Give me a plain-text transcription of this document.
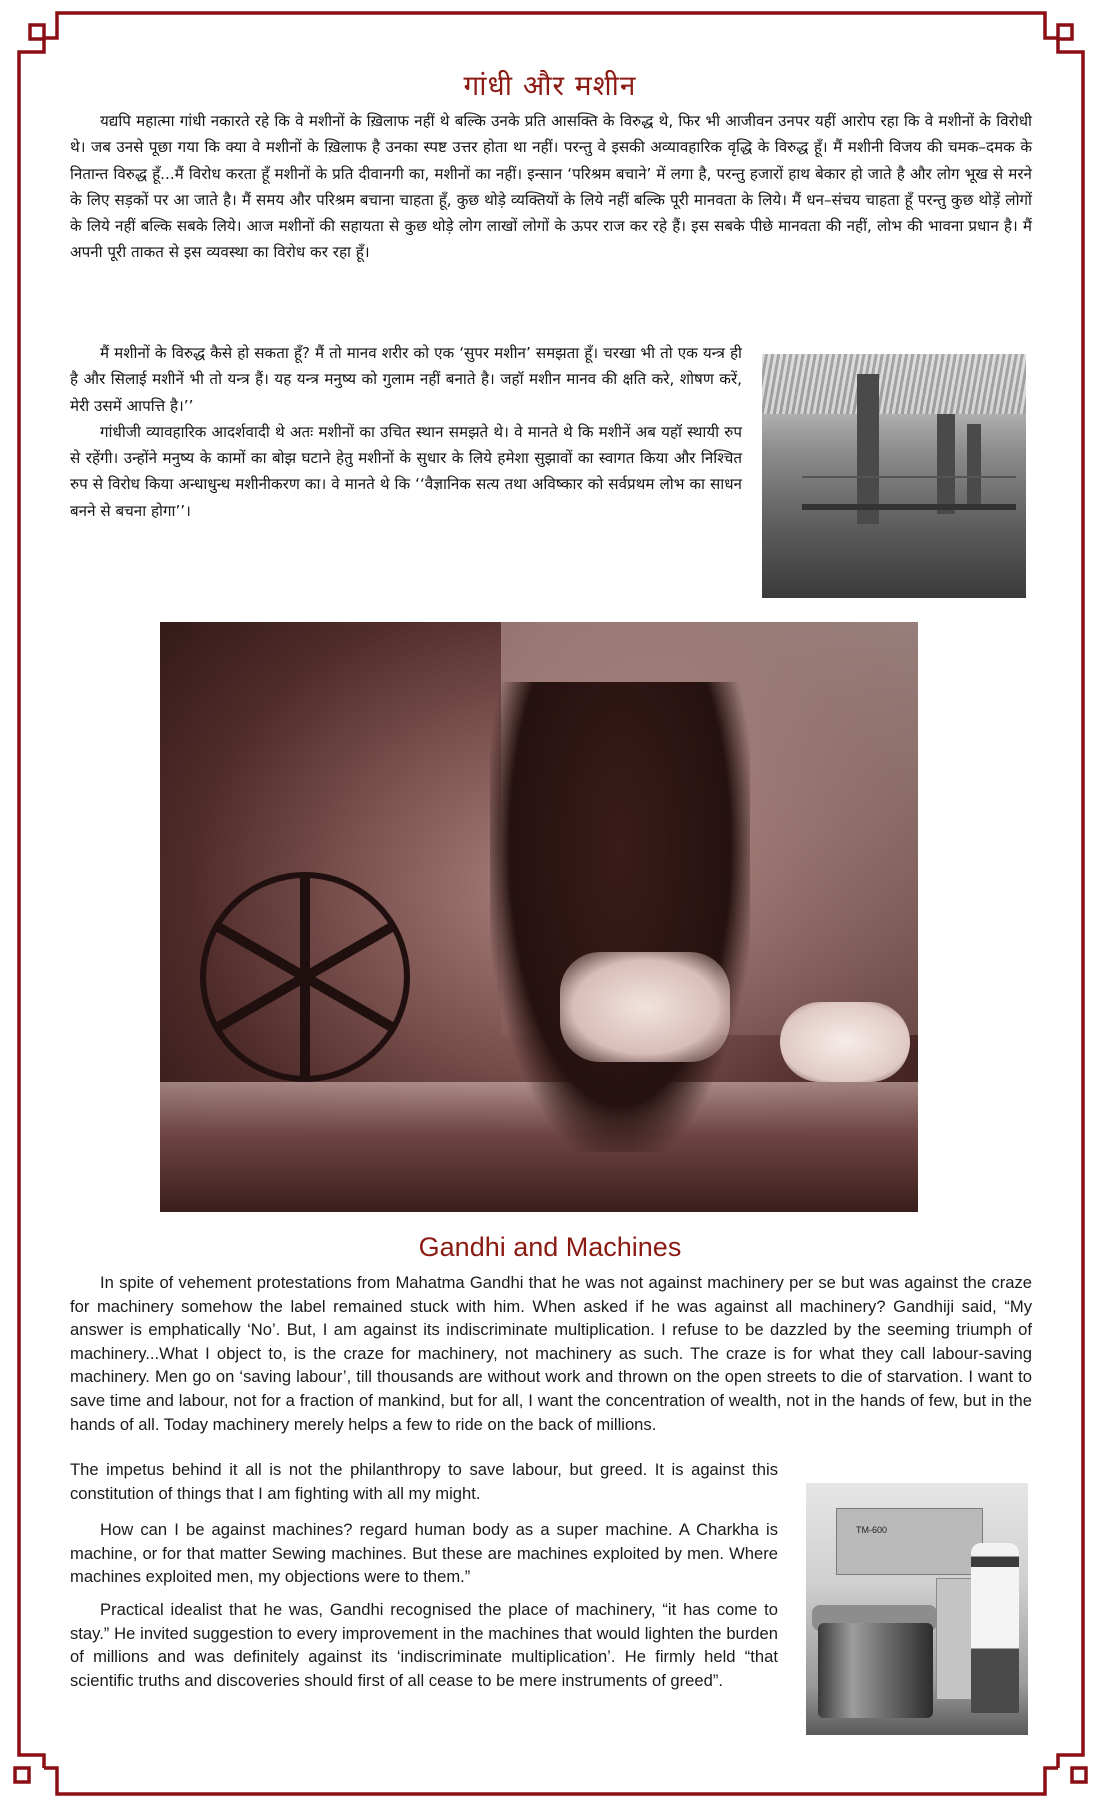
गांधी और मशीन

यद्यपि महात्मा गांधी नकारते रहे कि वे मशीनों के ख़िलाफ नहीं थे बल्कि उनके प्रति आसक्ति के विरुद्ध थे, फिर भी आजीवन उनपर यहीं आरोप रहा कि वे मशीनों के विरोधी थे। जब उनसे पूछा गया कि क्या वे मशीनों के ख़िलाफ है उनका स्पष्ट उत्तर होता था नहीं। परन्तु वे इसकी अव्यावहारिक वृद्धि के विरुद्ध हूँ। मैं मशीनी विजय की चमक–दमक के नितान्त विरुद्ध हूँ...मैं विरोध करता हूँ मशीनों के प्रति दीवानगी का, मशीनों का नहीं। इन्सान ‘परिश्रम बचाने’ में लगा है, परन्तु हजारों हाथ बेकार हो जाते है और लोग भूख से मरने के लिए सड़कों पर आ जाते है। मैं समय और परिश्रम बचाना चाहता हूँ, कुछ थोड़े व्यक्तियों के लिये नहीं बल्कि पूरी मानवता के लिये। मैं धन–संचय चाहता हूँ परन्तु कुछ थोड़ें लोगों के लिये नहीं बल्कि सबके लिये। आज मशीनों की सहायता से कुछ थोड़े लोग लाखों लोगों के ऊपर राज कर रहे हैं। इस सबके पीछे मानवता की नहीं, लोभ की भावना प्रधान है। मैं अपनी पूरी ताकत से इस व्यवस्था का विरोध कर रहा हूँ।

मैं मशीनों के विरुद्ध कैसे हो सकता हूँ? मैं तो मानव शरीर को एक ‘सुपर मशीन’ समझता हूँ। चरखा भी तो एक यन्त्र ही है और सिलाई मशीनें भी तो यन्त्र हैं। यह यन्त्र मनुष्य को गुलाम नहीं बनाते है। जहॉ मशीन मानव की क्षति करे, शोषण करें, मेरी उसमें आपत्ति है।’’

गांधीजी व्यावहारिक आदर्शवादी थे अतः मशीनों का उचित स्थान समझते थे। वे मानते थे कि मशीनें अब यहॉ स्थायी रुप से रहेंगी। उन्होंने मनुष्य के कामों का बोझ घटाने हेतु मशीनों के सुधार के लिये हमेशा सुझावों का स्वागत किया और निश्चित रुप से विरोध किया अन्धाधुन्ध मशीनीकरण का। वे मानते थे कि ‘‘वैज्ञानिक सत्य तथा अविष्कार को सर्वप्रथम लोभ का साधन बनने से बचना होगा’’।

Gandhi and Machines

In spite of vehement protestations from Mahatma Gandhi that he was not against machinery per se but was against the craze for machinery somehow the label remained stuck with him. When asked if he was against all machinery? Gandhiji said, “My answer is emphatically ‘No’. But, I am against its indiscriminate multiplication. I refuse to be dazzled by the seeming triumph of machinery...What I object to, is the craze for machinery, not machinery as such. The craze is for what they call labour-saving machinery. Men go on ‘saving labour’, till thousands are without work and thrown on the open streets to die of starvation. I want to save time and labour, not for a fraction of mankind, but for all, I want the concentration of wealth, not in the hands of few, but in the hands of all. Today machinery merely helps a few to ride on the back of millions.

The impetus behind it all is not the philanthropy to save labour, but greed. It is against this constitution of things that I am fighting with all my might.

How can I be against machines? regard human body as a super machine. A Charkha is machine, or for that matter Sewing machines. But these are machines exploited by men. Where machines exploited men, my objections were to them.”

Practical idealist that he was, Gandhi recognised the place of machinery, “it has come to stay.” He invited suggestion to every improvement in the machines that would lighten the burden of millions and was definitely against its ‘indiscriminate multiplication’. He firmly held “that scientific truths and discoveries should first of all cease to be mere instruments of greed”.

TM-600
